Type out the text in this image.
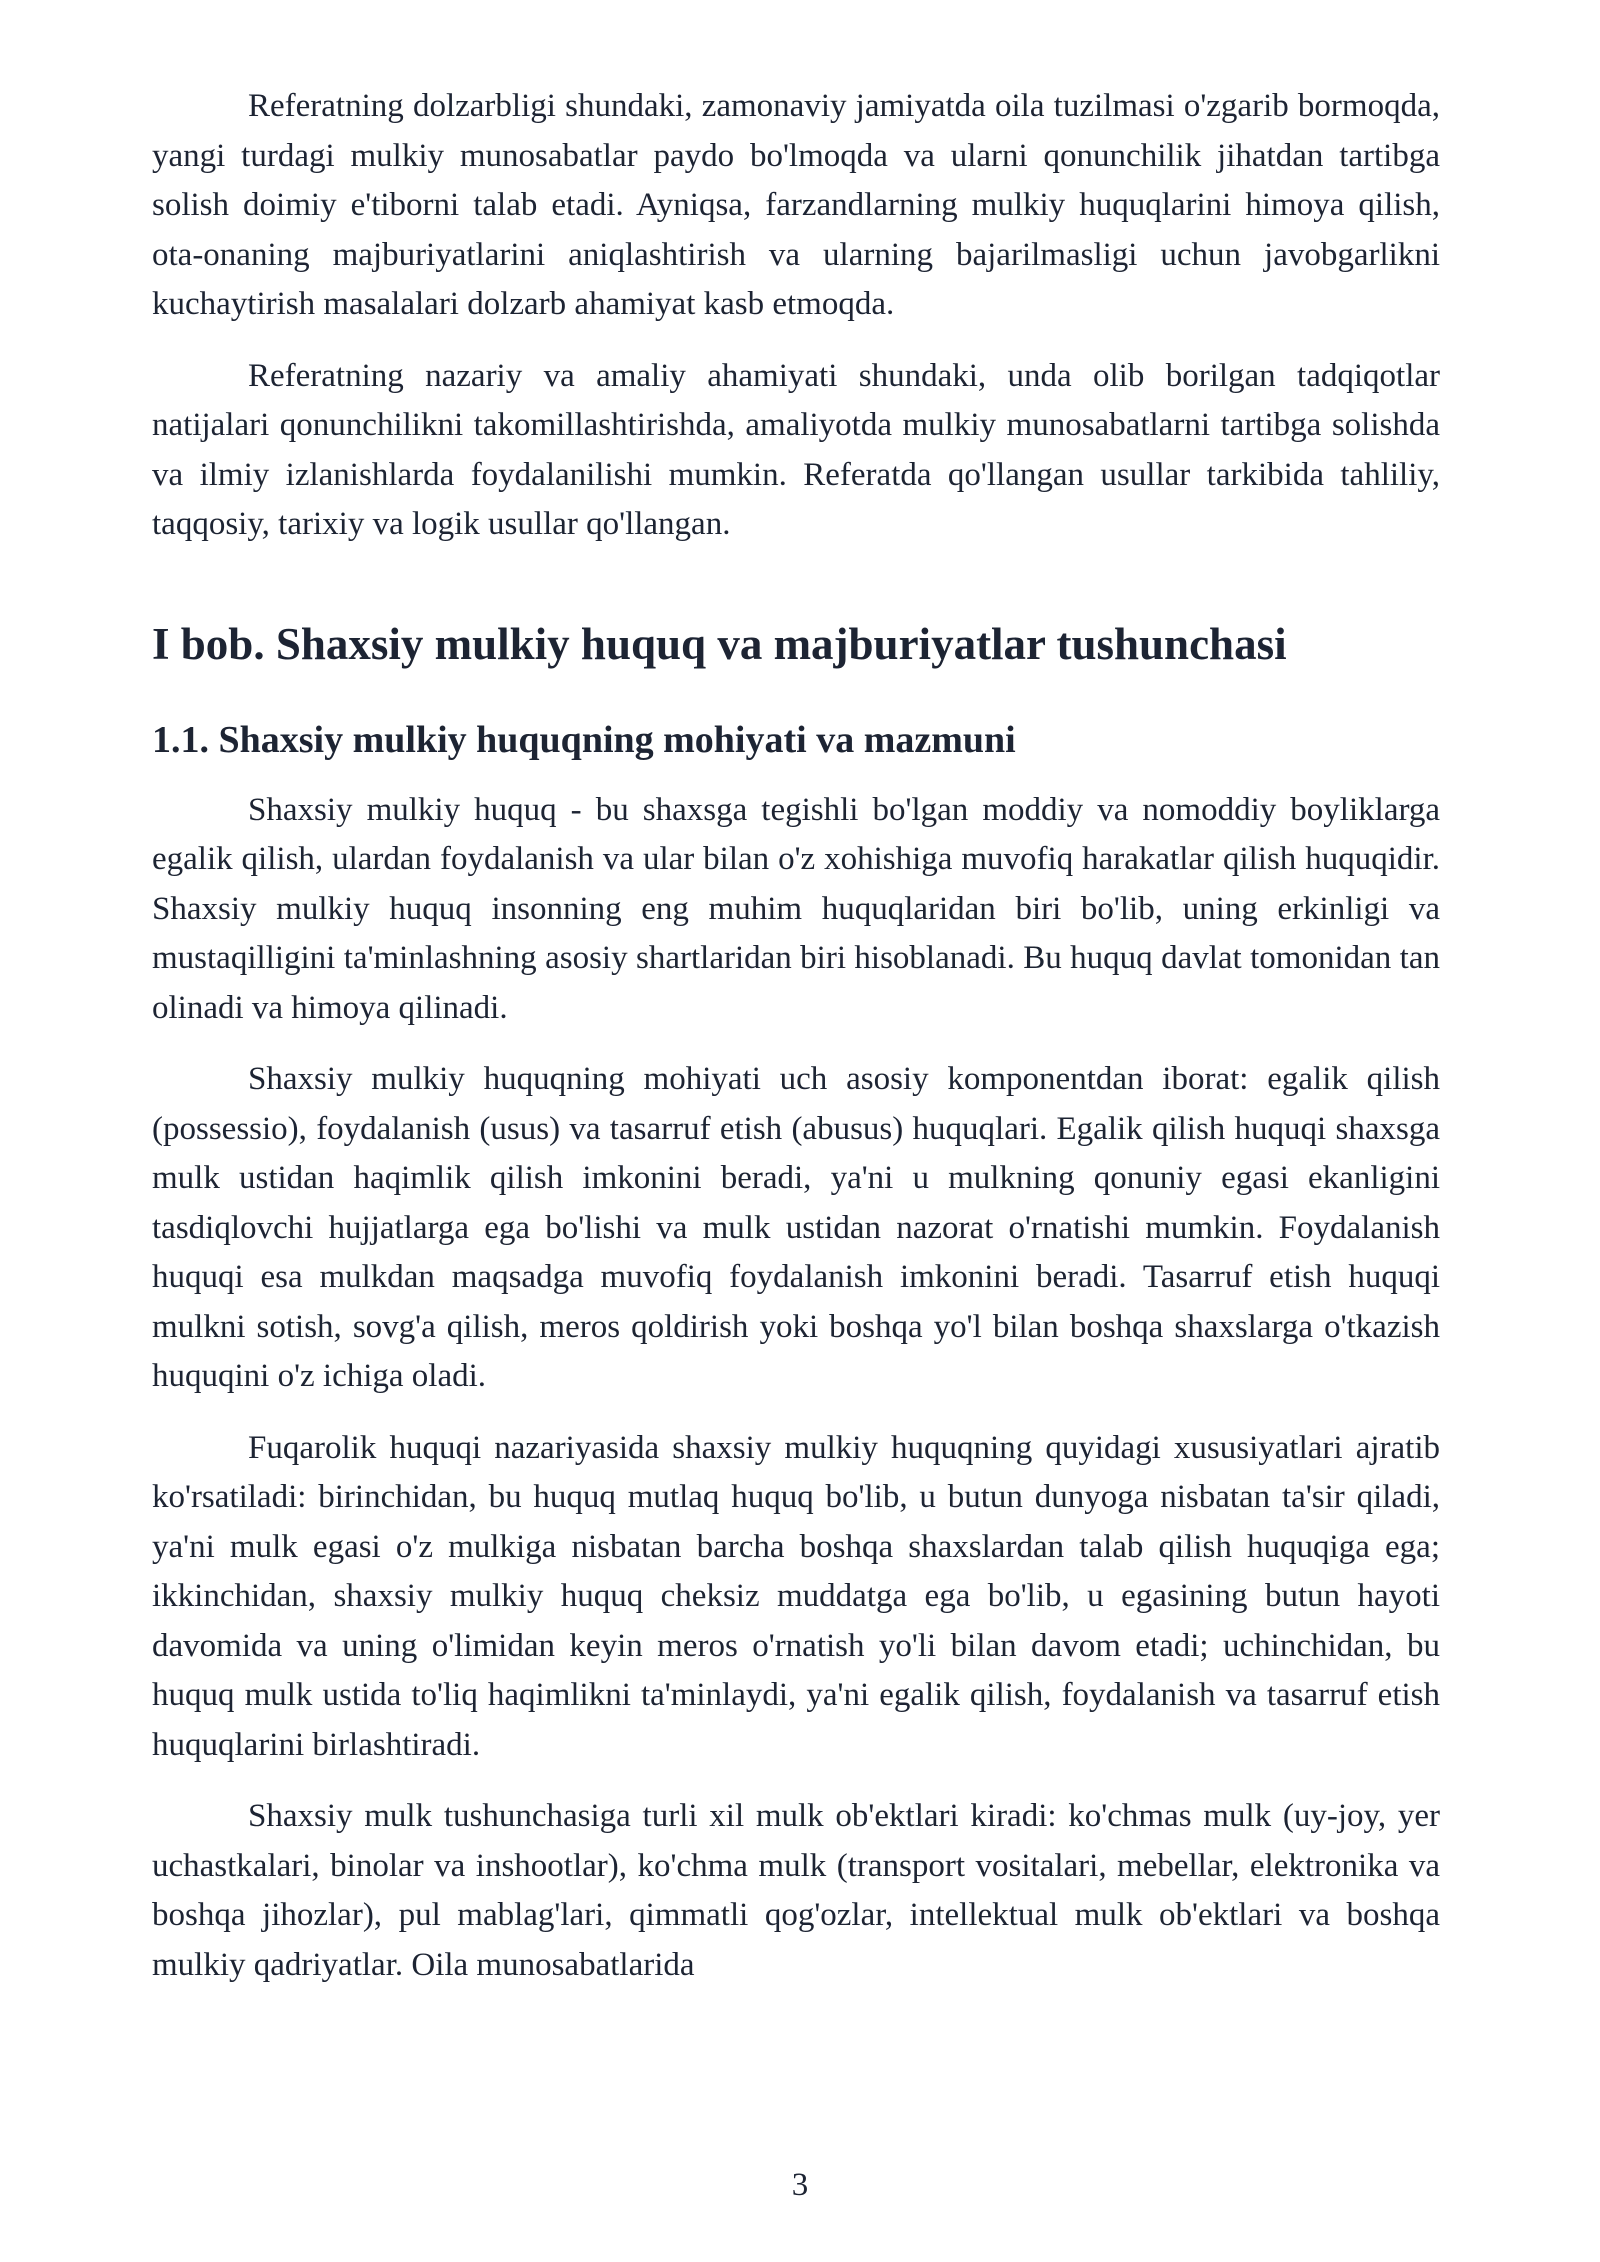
Referatning dolzarbligi shundaki, zamonaviy jamiyatda oila tuzilmasi o'zgarib bormoqda, yangi turdagi mulkiy munosabatlar paydo bo'lmoqda va ularni qonunchilik jihatdan tartibga solish doimiy e'tiborni talab etadi. Ayniqsa, farzandlarning mulkiy huquqlarini himoya qilish, ota-onaning majburiyatlarini aniqlashtirish va ularning bajarilmasligi uchun javobgarlikni kuchaytirish masalalari dolzarb ahamiyat kasb etmoqda.

Referatning nazariy va amaliy ahamiyati shundaki, unda olib borilgan tadqiqotlar natijalari qonunchilikni takomillashtirishda, amaliyotda mulkiy munosabatlarni tartibga solishda va ilmiy izlanishlarda foydalanilishi mumkin. Referatda qo'llangan usullar tarkibida tahliliy, taqqosiy, tarixiy va logik usullar qo'llangan.

I bob. Shaxsiy mulkiy huquq va majburiyatlar tushunchasi
1.1. Shaxsiy mulkiy huquqning mohiyati va mazmuni

Shaxsiy mulkiy huquq - bu shaxsga tegishli bo'lgan moddiy va nomoddiy boyliklarga egalik qilish, ulardan foydalanish va ular bilan o'z xohishiga muvofiq harakatlar qilish huquqidir. Shaxsiy mulkiy huquq insonning eng muhim huquqlaridan biri bo'lib, uning erkinligi va mustaqilligini ta'minlashning asosiy shartlaridan biri hisoblanadi. Bu huquq davlat tomonidan tan olinadi va himoya qilinadi.

Shaxsiy mulkiy huquqning mohiyati uch asosiy komponentdan iborat: egalik qilish (possessio), foydalanish (usus) va tasarruf etish (abusus) huquqlari. Egalik qilish huquqi shaxsga mulk ustidan haqimlik qilish imkonini beradi, ya'ni u mulkning qonuniy egasi ekanligini tasdiqlovchi hujjatlarga ega bo'lishi va mulk ustidan nazorat o'rnatishi mumkin. Foydalanish huquqi esa mulkdan maqsadga muvofiq foydalanish imkonini beradi. Tasarruf etish huquqi mulkni sotish, sovg'a qilish, meros qoldirish yoki boshqa yo'l bilan boshqa shaxslarga o'tkazish huquqini o'z ichiga oladi.

Fuqarolik huquqi nazariyasida shaxsiy mulkiy huquqning quyidagi xususiyatlari ajratib ko'rsatiladi: birinchidan, bu huquq mutlaq huquq bo'lib, u butun dunyoga nisbatan ta'sir qiladi, ya'ni mulk egasi o'z mulkiga nisbatan barcha boshqa shaxslardan talab qilish huquqiga ega; ikkinchidan, shaxsiy mulkiy huquq cheksiz muddatga ega bo'lib, u egasining butun hayoti davomida va uning o'limidan keyin meros o'rnatish yo'li bilan davom etadi; uchinchidan, bu huquq mulk ustida to'liq haqimlikni ta'minlaydi, ya'ni egalik qilish, foydalanish va tasarruf etish huquqlarini birlashtiradi.

Shaxsiy mulk tushunchasiga turli xil mulk ob'ektlari kiradi: ko'chmas mulk (uy-joy, yer uchastkalari, binolar va inshootlar), ko'chma mulk (transport vositalari, mebellar, elektronika va boshqa jihozlar), pul mablag'lari, qimmatli qog'ozlar, intellektual mulk ob'ektlari va boshqa mulkiy qadriyatlar. Oila munosabatlarida

3
